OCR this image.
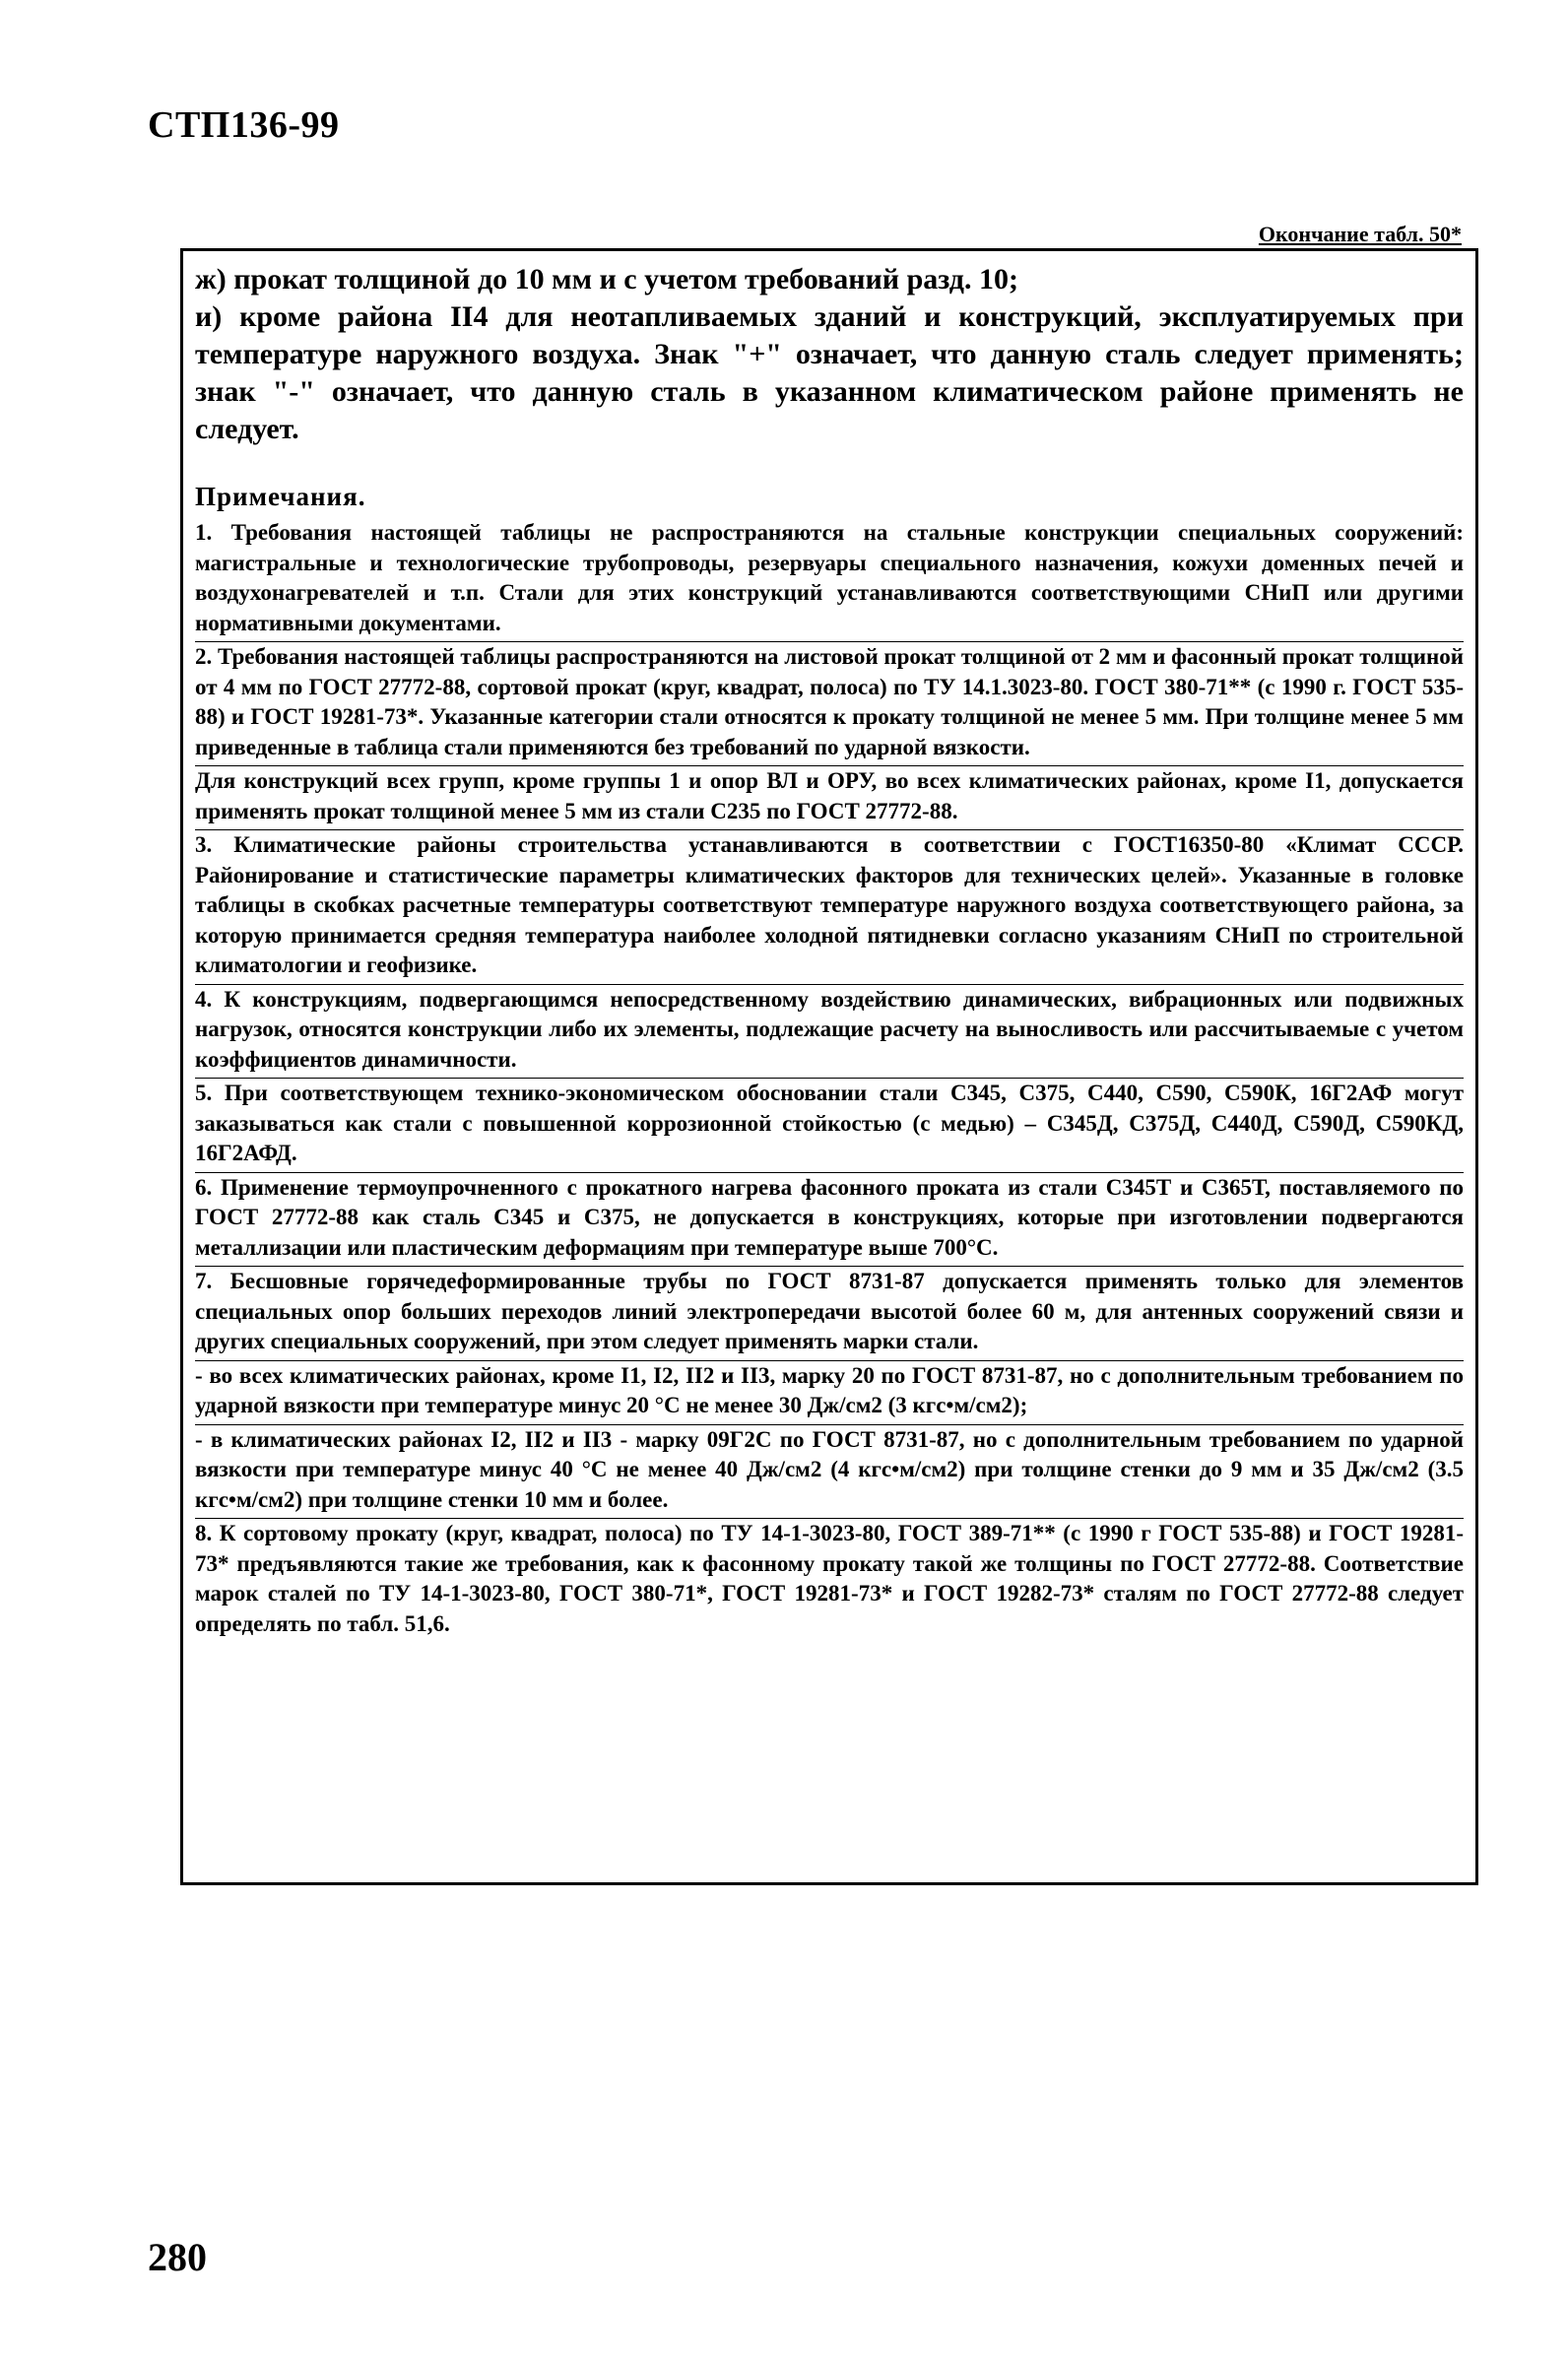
СТП136-99
Окончание табл. 50*

ж) прокат толщиной до 10 мм и с учетом требований разд. 10;

и) кроме района II4 для неотапливаемых зданий и конструкций, эксплуатируемых при температуре наружного воздуха. Знак "+" означает, что данную сталь следует применять; знак "-" означает, что данную сталь в указанном климатическом районе применять не следует.

Примечания.

1. Требования настоящей таблицы не распространяются на стальные конструкции специальных сооружений: магистральные и технологические трубопроводы, резервуары специального назначения, кожухи доменных печей и воздухонагревателей и т.п. Стали для этих конструкций устанавливаются соответствующими СНиП или другими нормативными документами.

2. Требования настоящей таблицы распространяются на листовой прокат толщиной от 2 мм и фасонный прокат толщиной от 4 мм по ГОСТ 27772-88, сортовой прокат (круг, квадрат, полоса) по ТУ 14.1.3023-80. ГОСТ 380-71** (с 1990 г. ГОСТ 535-88) и ГОСТ 19281-73*. Указанные категории стали относятся к прокату толщиной не менее 5 мм. При толщине менее 5 мм приведенные в таблица стали применяются без требований по ударной вязкости.

Для конструкций всех групп, кроме группы 1 и опор ВЛ и ОРУ, во всех климатических районах, кроме I1, допускается применять прокат толщиной менее 5 мм из стали С235 по ГОСТ 27772-88.

3. Климатические районы строительства устанавливаются в соответствии с ГОСТ16350-80 «Климат СССР. Районирование и статистические параметры климатических факторов для технических целей». Указанные в головке таблицы в скобках расчетные температуры соответствуют температуре наружного воздуха соответствующего района, за которую принимается средняя температура наиболее холодной пятидневки согласно указаниям СНиП по строительной климатологии и геофизике.

4. К конструкциям, подвергающимся непосредственному воздействию динамических, вибрационных или подвижных нагрузок, относятся конструкции либо их элементы, подлежащие расчету на выносливость или рассчитываемые с учетом коэффициентов динамичности.

5. При соответствующем технико-экономическом обосновании стали С345, С375, С440, С590, С590К, 16Г2АФ могут заказываться как стали с повышенной коррозионной стойкостью (с медью) – С345Д, С375Д, С440Д, С590Д, С590КД, 16Г2АФД.

6. Применение термоупрочненного с прокатного нагрева фасонного проката из стали С345Т и С365Т, поставляемого по ГОСТ 27772-88 как сталь С345 и С375, не допускается в конструкциях, которые при изготовлении подвергаются металлизации или пластическим деформациям при температуре выше 700°С.

7. Бесшовные горячедеформированные трубы по ГОСТ 8731-87 допускается применять только для элементов специальных опор больших переходов линий электропередачи высотой более 60 м, для антенных сооружений связи и других специальных сооружений, при этом следует применять марки стали.

- во всех климатических районах, кроме I1, I2, II2 и II3, марку 20 по ГОСТ 8731-87, но с дополнительным требованием по ударной вязкости при температуре минус 20 °С не менее 30 Дж/см2 (3 кгс•м/см2);

- в климатических районах I2, II2 и II3 - марку 09Г2С по ГОСТ 8731-87, но с дополнительным требованием по ударной вязкости при температуре минус 40 °С не менее 40 Дж/см2 (4 кгс•м/см2) при толщине стенки до 9 мм и 35 Дж/см2 (3.5 кгс•м/см2) при толщине стенки 10 мм и более.

8. К сортовому прокату (круг, квадрат, полоса) по ТУ 14-1-3023-80, ГОСТ 389-71** (с 1990 г ГОСТ 535-88) и ГОСТ 19281-73* предъявляются такие же требования, как к фасонному прокату такой же толщины по ГОСТ 27772-88. Соответствие марок сталей по ТУ 14-1-3023-80, ГОСТ 380-71*, ГОСТ 19281-73* и ГОСТ 19282-73* сталям по ГОСТ 27772-88 следует определять по табл. 51,6.

280
